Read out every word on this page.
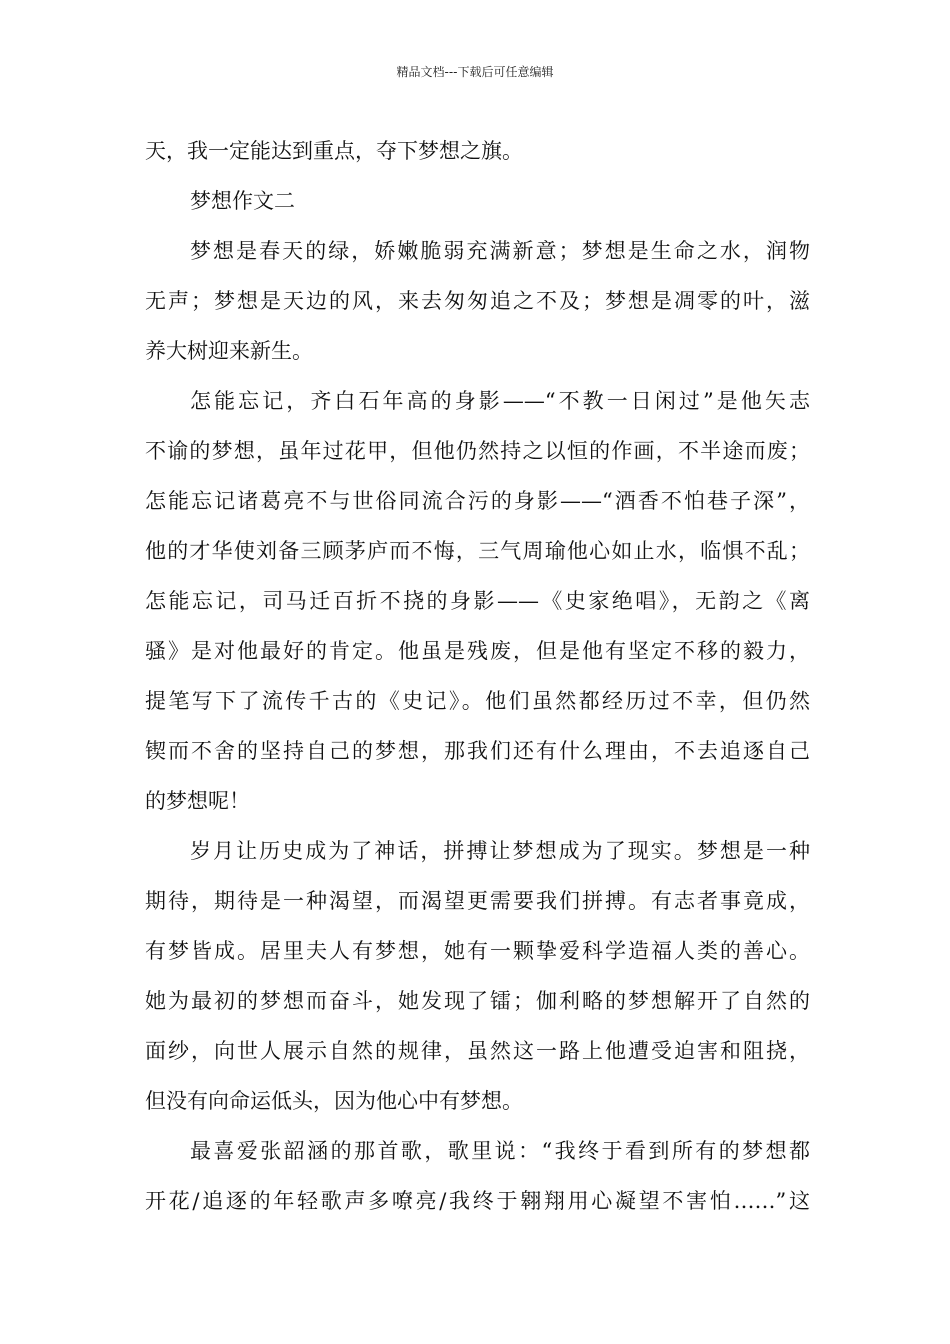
精品文档---下载后可任意编辑
天，我一定能达到重点，夺下梦想之旗。
梦想作文二
梦想是春天的绿，娇嫩脆弱充满新意；梦想是生命之水，润物
无声；梦想是天边的风，来去匆匆追之不及；梦想是凋零的叶，滋
养大树迎来新生。
怎能忘记，齐白石年高的身影——“不教一日闲过”是他矢志
不谕的梦想，虽年过花甲，但他仍然持之以恒的作画，不半途而废；
怎能忘记诸葛亮不与世俗同流合污的身影——“酒香不怕巷子深”，
他的才华使刘备三顾茅庐而不悔，三气周瑜他心如止水，临惧不乱；
怎能忘记，司马迁百折不挠的身影——《史家绝唱》，无韵之《离
骚》是对他最好的肯定。他虽是残废，但是他有坚定不移的毅力，
提笔写下了流传千古的《史记》。他们虽然都经历过不幸，但仍然
锲而不舍的坚持自己的梦想，那我们还有什么理由，不去追逐自己
的梦想呢！
岁月让历史成为了神话，拼搏让梦想成为了现实。梦想是一种
期待，期待是一种渴望，而渴望更需要我们拼搏。有志者事竟成，
有梦皆成。居里夫人有梦想，她有一颗挚爱科学造福人类的善心。
她为最初的梦想而奋斗，她发现了镭；伽利略的梦想解开了自然的
面纱，向世人展示自然的规律，虽然这一路上他遭受迫害和阻挠，
但没有向命运低头，因为他心中有梦想。
最喜爱张韶涵的那首歌，歌里说：“我终于看到所有的梦想都
开花/追逐的年轻歌声多嘹亮/我终于翱翔用心凝望不害怕……”这
